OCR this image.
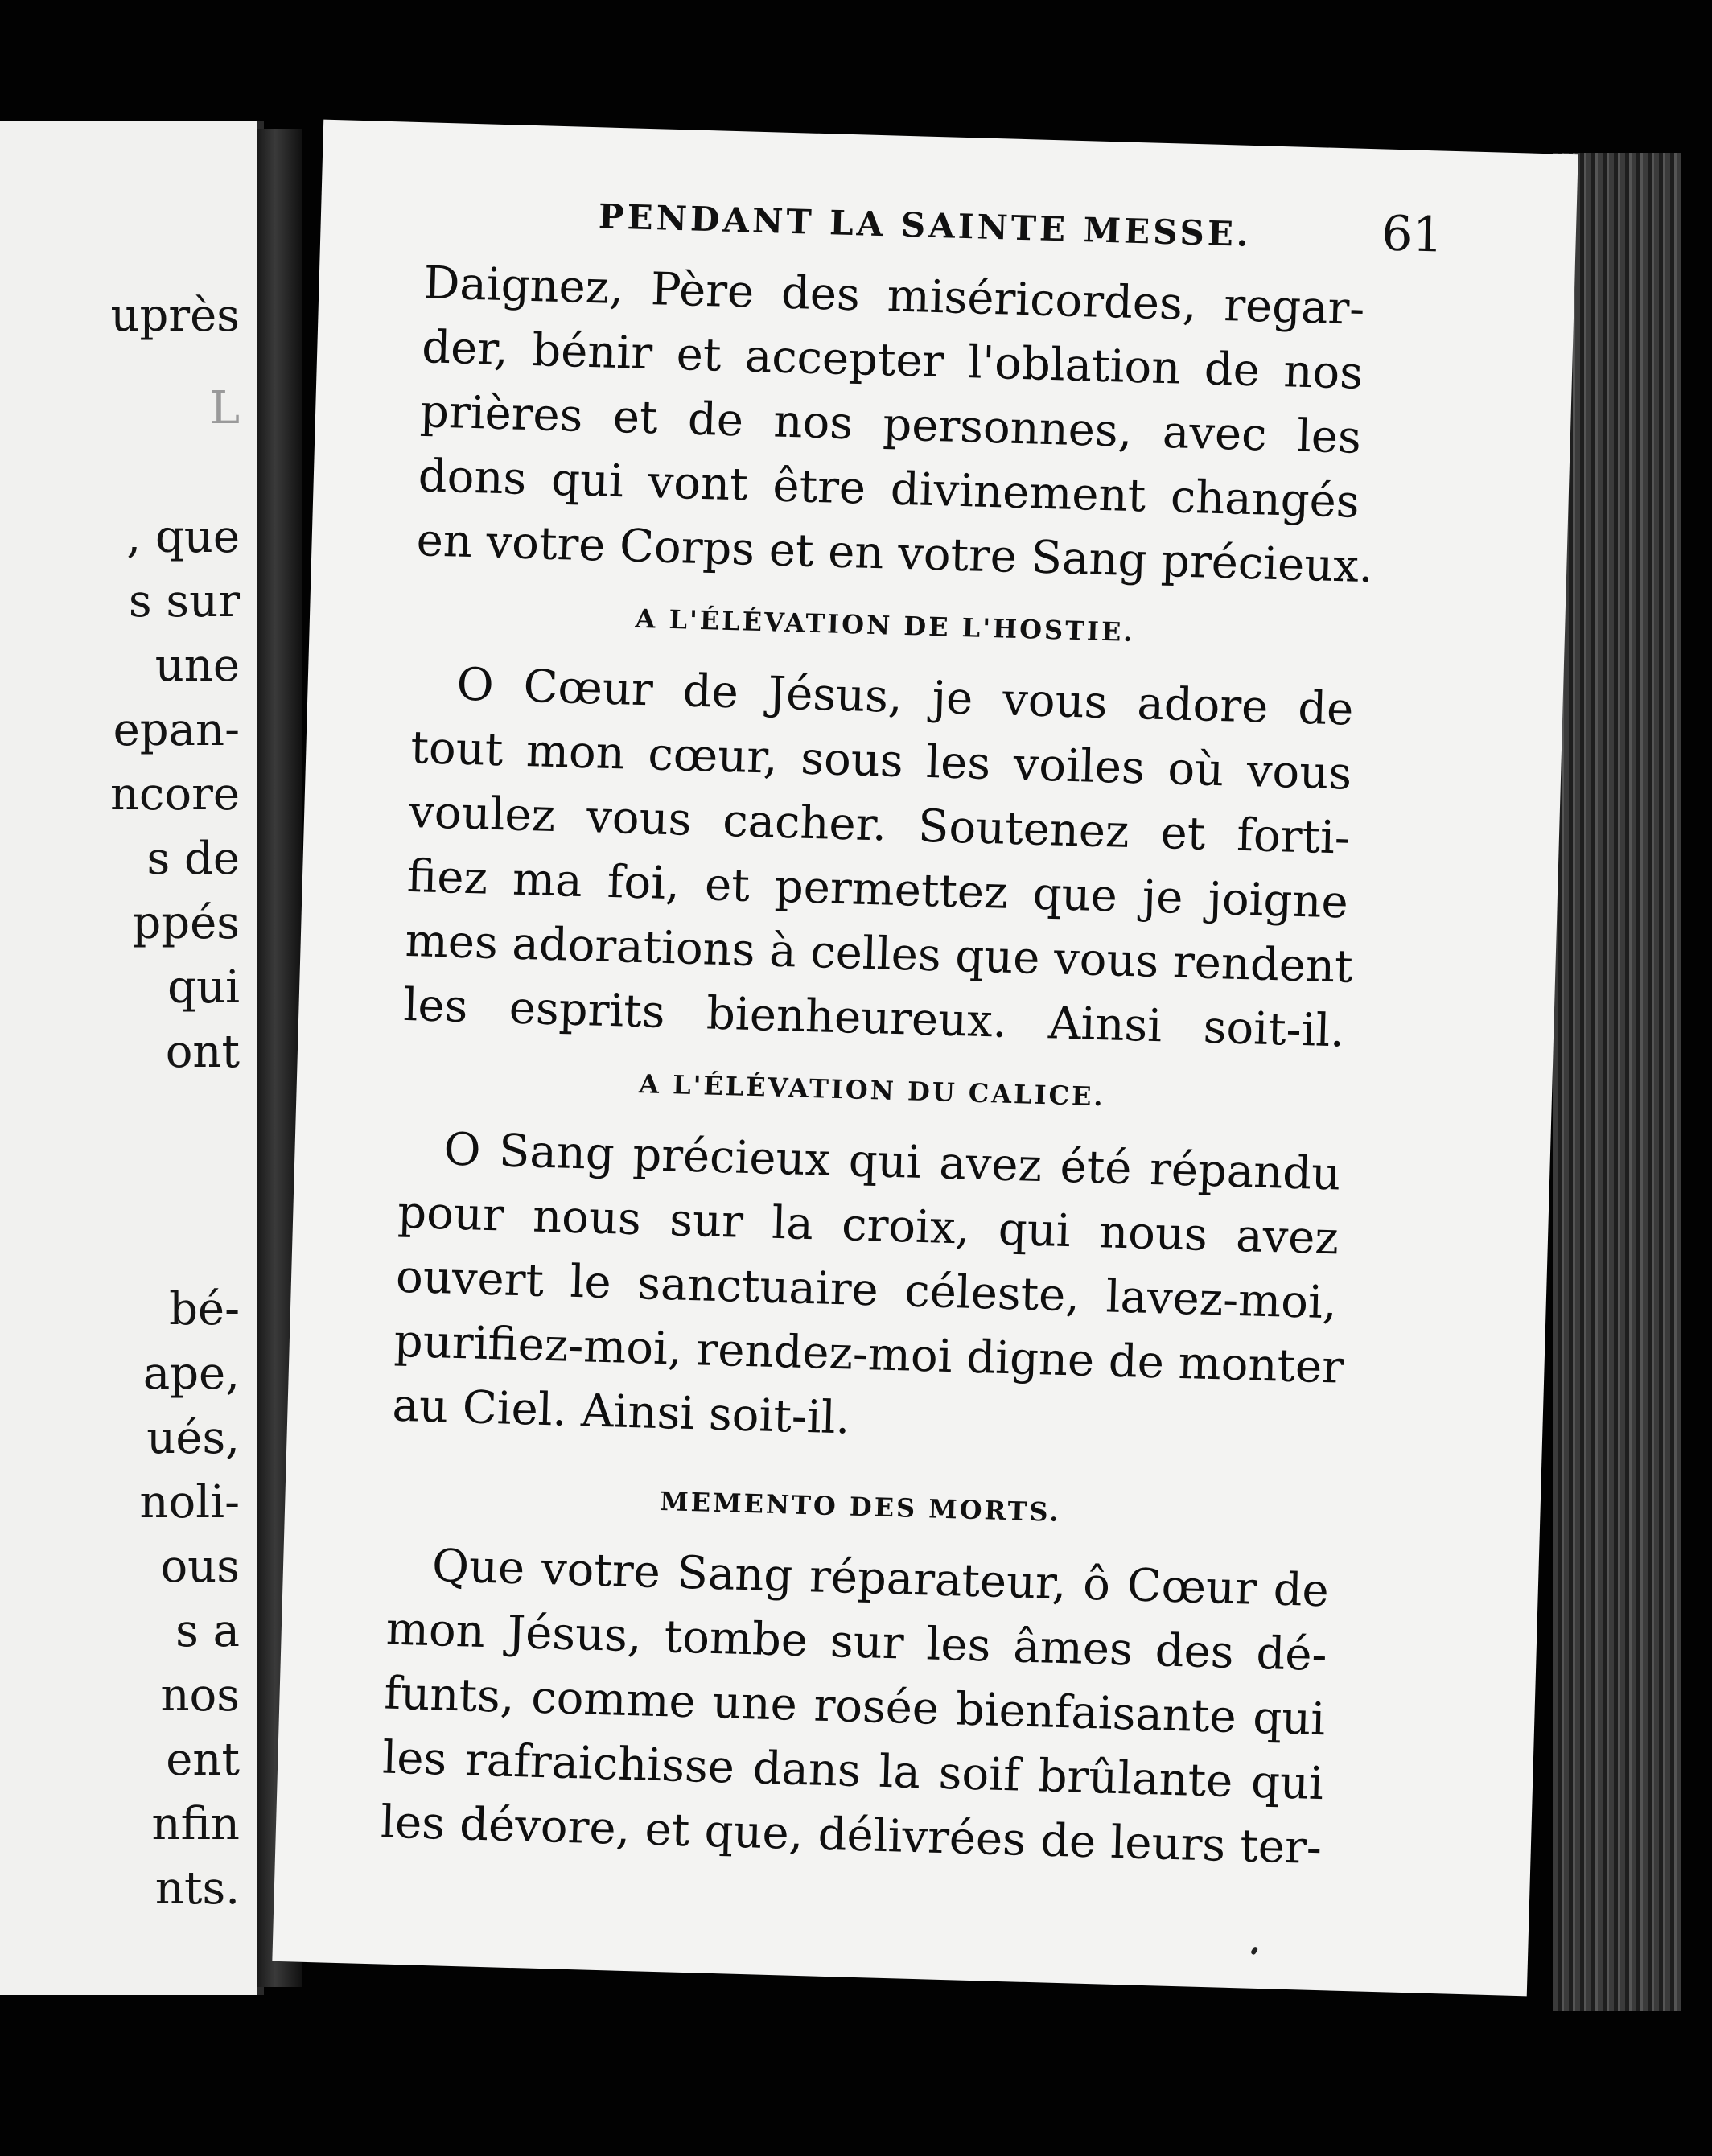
uprès
L
, que
s sur
une
epan-
ncore
s de
ppés
qui
ont
bé-
ape,
ués,
noli-
ous
s a
nos
ent
nfin
nts.
PENDANT LA SAINTE MESSE.	61

Daignez, Père des miséricordes, regar-
der, bénir et accepter l'oblation de nos
prières et de nos personnes, avec les
dons qui vont être divinement changés
en votre Corps et en votre Sang précieux.

A L'ÉLÉVATION DE L'HOSTIE.

O Cœur de Jésus, je vous adore de
tout mon cœur, sous les voiles où vous
voulez vous cacher. Soutenez et forti-
fiez ma foi, et permettez que je joigne
mes adorations à celles que vous rendent
les esprits bienheureux. Ainsi soit-il.

A L'ÉLÉVATION DU CALICE.

O Sang précieux qui avez été répandu
pour nous sur la croix, qui nous avez
ouvert le sanctuaire céleste, lavez-moi,
purifiez-moi, rendez-moi digne de monter
au Ciel. Ainsi soit-il.

MEMENTO DES MORTS.

Que votre Sang réparateur, ô Cœur de
mon Jésus, tombe sur les âmes des dé-
funts, comme une rosée bienfaisante qui
les rafraichisse dans la soif brûlante qui
les dévore, et que, délivrées de leurs ter-
